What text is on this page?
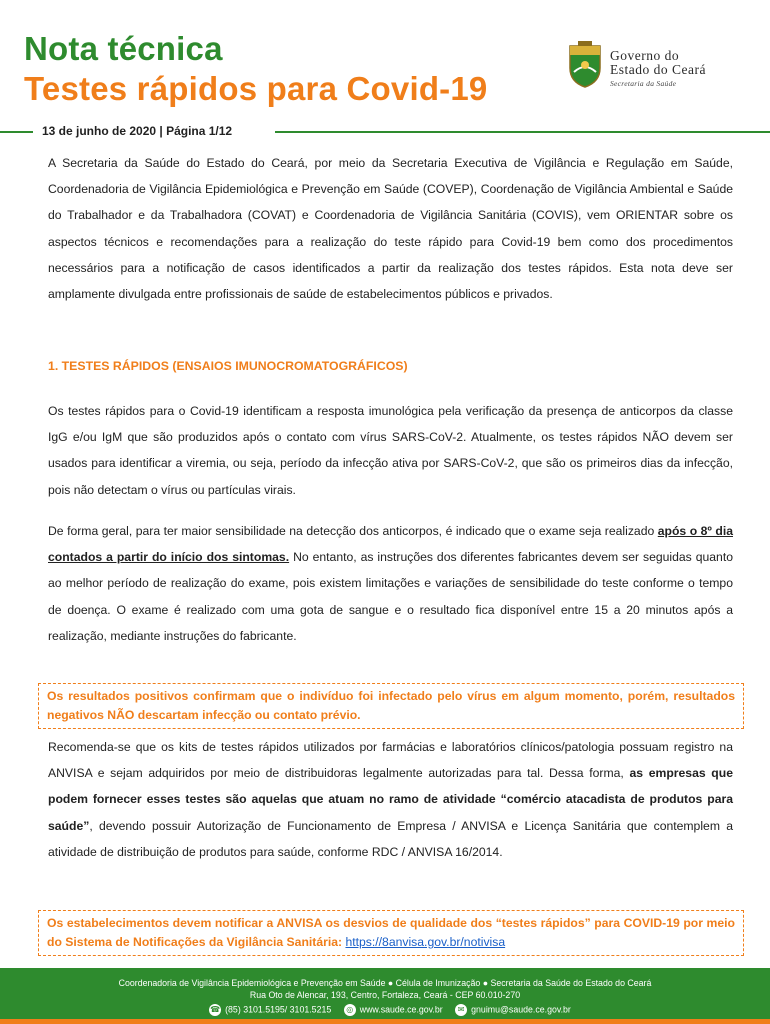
Nota técnica
Testes rápidos para Covid-19
Governo do
Estado do Ceará
Secretaria da Saúde
13 de junho de 2020 | Página 1/12

A Secretaria da Saúde do Estado do Ceará, por meio da Secretaria Executiva de Vigilância e Regulação em Saúde, Coordenadoria de Vigilância Epidemiológica e Prevenção em Saúde (COVEP), Coordenação de Vigilância Ambiental e Saúde do Trabalhador e da Trabalhadora (COVAT) e Coordenadoria de Vigilância Sanitária (COVIS), vem ORIENTAR sobre os aspectos técnicos e recomendações para a realização do teste rápido para Covid-19 bem como dos procedimentos necessários para a notificação de casos identificados a partir da realização dos testes rápidos. Esta nota deve ser amplamente divulgada entre profissionais de saúde de estabelecimentos públicos e privados.

1. TESTES RÁPIDOS (ENSAIOS IMUNOCROMATOGRÁFICOS)

Os testes rápidos para o Covid-19 identificam a resposta imunológica pela verificação da presença de anticorpos da classe IgG e/ou IgM que são produzidos após o contato com vírus SARS-CoV-2. Atualmente, os testes rápidos NÃO devem ser usados para identificar a viremia, ou seja, período da infecção ativa por SARS-CoV-2, que são os primeiros dias da infecção, pois não detectam o vírus ou partículas virais.

De forma geral, para ter maior sensibilidade na detecção dos anticorpos, é indicado que o exame seja realizado após o 8º dia contados a partir do início dos sintomas. No entanto, as instruções dos diferentes fabricantes devem ser seguidas quanto ao melhor período de realização do exame, pois existem limitações e variações de sensibilidade do teste conforme o tempo de doença. O exame é realizado com uma gota de sangue e o resultado fica disponível entre 15 a 20 minutos após a realização, mediante instruções do fabricante.

Os resultados positivos confirmam que o indivíduo foi infectado pelo vírus em algum momento, porém, resultados negativos NÃO descartam infecção ou contato prévio.

Recomenda-se que os kits de testes rápidos utilizados por farmácias e laboratórios clínicos/patologia possuam registro na ANVISA e sejam adquiridos por meio de distribuidoras legalmente autorizadas para tal. Dessa forma, as empresas que podem fornecer esses testes são aquelas que atuam no ramo de atividade “comércio atacadista de produtos para saúde”, devendo possuir Autorização de Funcionamento de Empresa / ANVISA e Licença Sanitária que contemplem a atividade de distribuição de produtos para saúde, conforme RDC / ANVISA 16/2014.

Os estabelecimentos devem notificar a ANVISA os desvios de qualidade dos “testes rápidos” para COVID-19 por meio do Sistema de Notificações da Vigilância Sanitária: https://8anvisa.gov.br/notivisa
Coordenadoria de Vigilância Epidemiológica e Prevenção em Saúde ● Célula de Imunização ● Secretaria da Saúde do Estado do Ceará
Rua Oto de Alencar, 193, Centro, Fortaleza, Ceará - CEP 60.010-270
☎ (85) 3101.5195/ 3101.5215 ◎ www.saude.ce.gov.br ✉ gnuimu@saude.ce.gov.br
